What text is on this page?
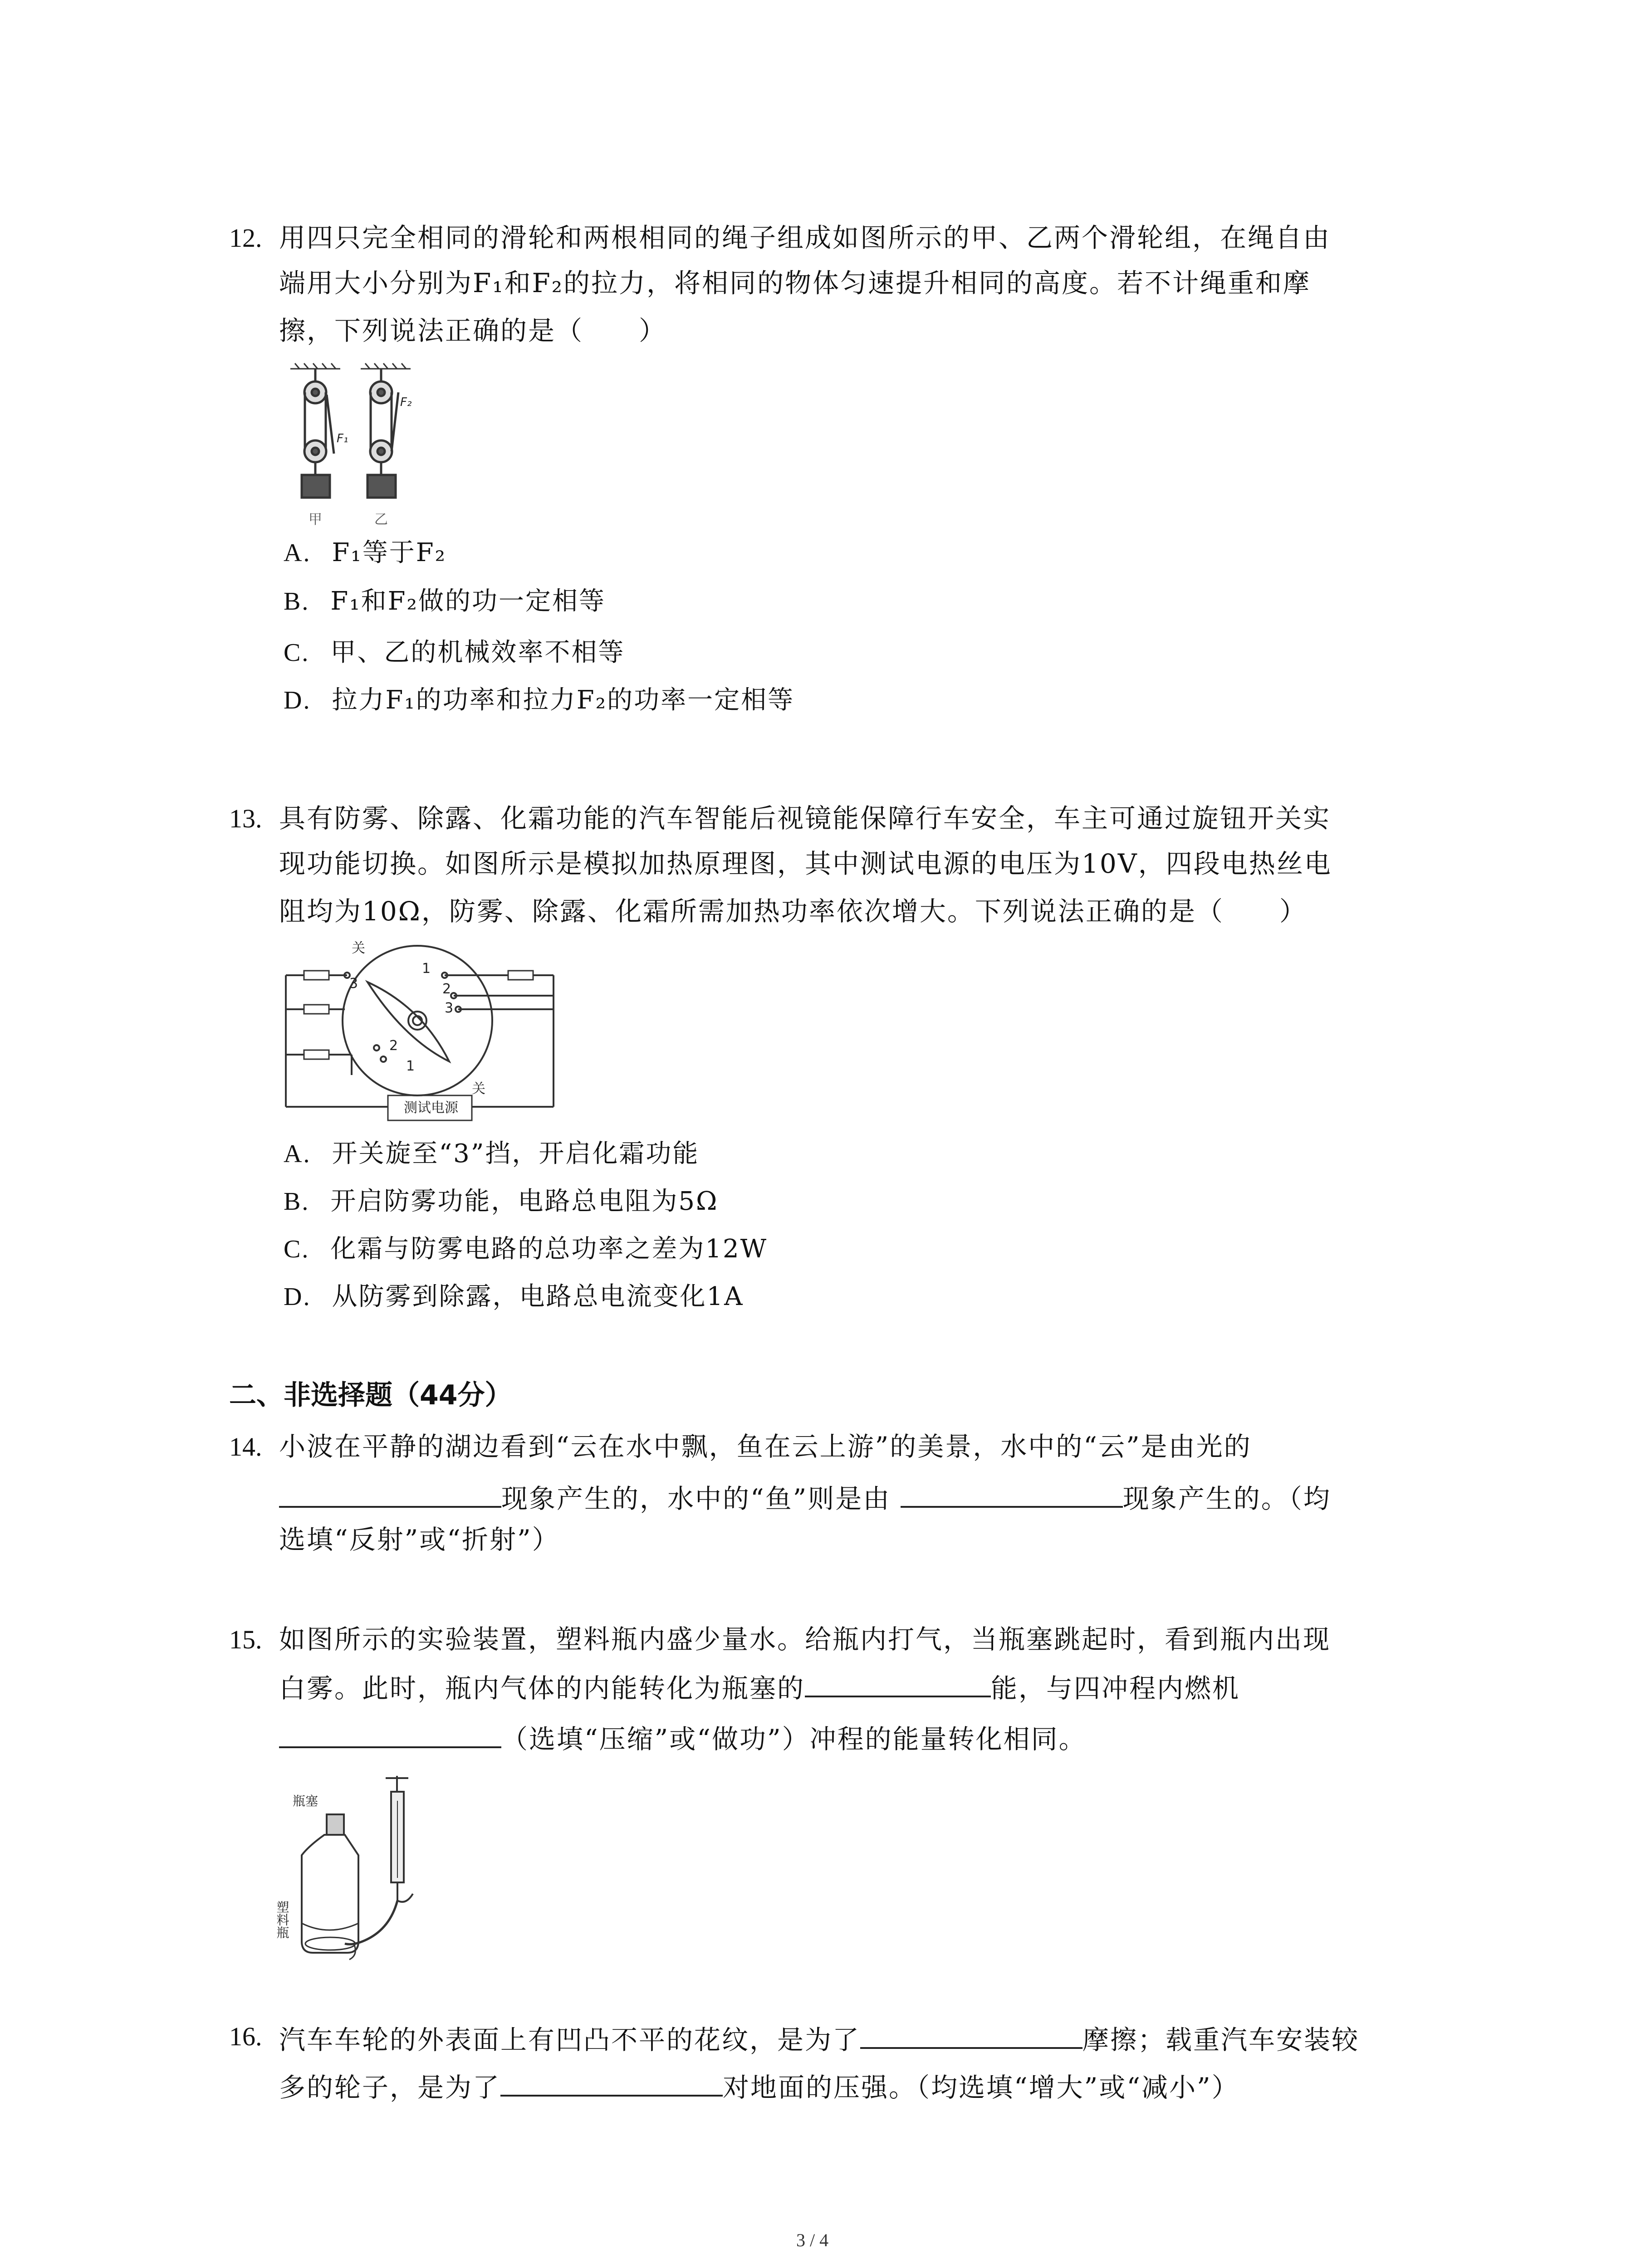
12. 用四只完全相同的滑轮和两根相同的绳子组成如图所示的甲、乙两个滑轮组，在绳自由
端用大小分别为F₁和F₂的拉力，将相同的物体匀速提升相同的高度。若不计绳重和摩
擦，下列说法正确的是（　　）
F₁
F₂
甲	乙
A. F₁等于F₂
B. F₁和F₂做的功一定相等
C. 甲、乙的机械效率不相等
D. 拉力F₁的功率和拉力F₂的功率一定相等
13. 具有防雾、除露、化霜功能的汽车智能后视镜能保障行车安全，车主可通过旋钮开关实
现功能切换。如图所示是模拟加热原理图，其中测试电源的电压为10V，四段电热丝电
阻均为10Ω，防雾、除露、化霜所需加热功率依次增大。下列说法正确的是（　　）
测试电源
关
关
3
1
2
3
2
1
A. 开关旋至“3”挡，开启化霜功能
B. 开启防雾功能，电路总电阻为5Ω
C. 化霜与防雾电路的总功率之差为12W
D. 从防雾到除露，电路总电流变化1A
二、非选择题（44分）
14. 小波在平静的湖边看到“云在水中飘，鱼在云上游”的美景，水中的“云”是由光的
现象产生的，水中的“鱼”则是由	现象产生的。（均
选填“反射”或“折射”）
15. 如图所示的实验装置，塑料瓶内盛少量水。给瓶内打气，当瓶塞跳起时，看到瓶内出现
白雾。此时，瓶内气体的内能转化为瓶塞的	能，与四冲程内燃机
（选填“压缩”或“做功”）冲程的能量转化相同。
瓶塞
塑料瓶
16. 汽车车轮的外表面上有凹凸不平的花纹，是为了	摩擦；载重汽车安装较
多的轮子，是为了	对地面的压强。（均选填“增大”或“减小”）
3 / 4
